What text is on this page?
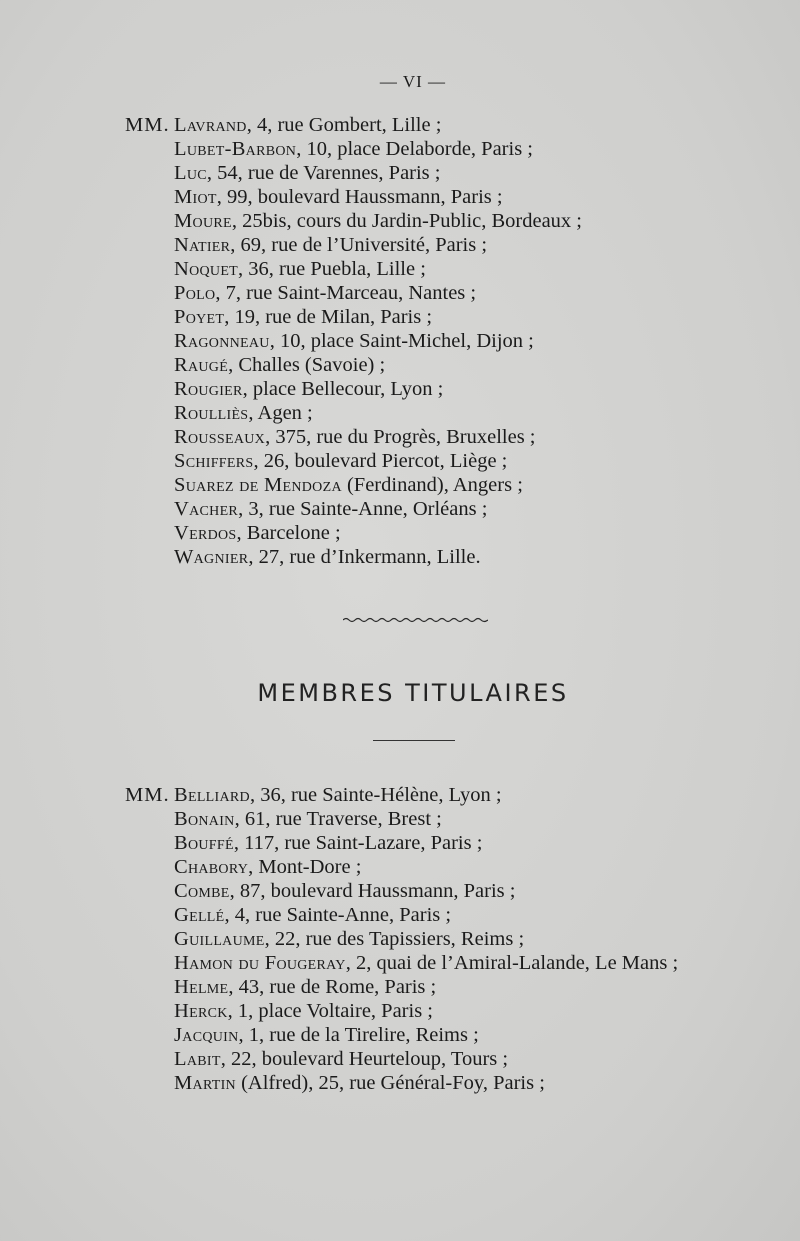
— VI —
MM. Lavrand, 4, rue Gombert, Lille ;
Lubet-Barbon, 10, place Delaborde, Paris ;
Luc, 54, rue de Varennes, Paris ;
Miot, 99, boulevard Haussmann, Paris ;
Moure, 25bis, cours du Jardin-Public, Bordeaux ;
Natier, 69, rue de l’Université, Paris ;
Noquet, 36, rue Puebla, Lille ;
Polo, 7, rue Saint-Marceau, Nantes ;
Poyet, 19, rue de Milan, Paris ;
Ragonneau, 10, place Saint-Michel, Dijon ;
Raugé, Challes (Savoie) ;
Rougier, place Bellecour, Lyon ;
Roulliès, Agen ;
Rousseaux, 375, rue du Progrès, Bruxelles ;
Schiffers, 26, boulevard Piercot, Liège ;
Suarez de Mendoza (Ferdinand), Angers ;
Vacher, 3, rue Sainte-Anne, Orléans ;
Verdos, Barcelone ;
Wagnier, 27, rue d’Inkermann, Lille.
MEMBRES TITULAIRES
MM. Belliard, 36, rue Sainte-Hélène, Lyon ;
Bonain, 61, rue Traverse, Brest ;
Bouffé, 117, rue Saint-Lazare, Paris ;
Chabory, Mont-Dore ;
Combe, 87, boulevard Haussmann, Paris ;
Gellé, 4, rue Sainte-Anne, Paris ;
Guillaume, 22, rue des Tapissiers, Reims ;
Hamon du Fougeray, 2, quai de l’Amiral-Lalande, Le Mans ;
Helme, 43, rue de Rome, Paris ;
Herck, 1, place Voltaire, Paris ;
Jacquin, 1, rue de la Tirelire, Reims ;
Labit, 22, boulevard Heurteloup, Tours ;
Martin (Alfred), 25, rue Général-Foy, Paris ;
